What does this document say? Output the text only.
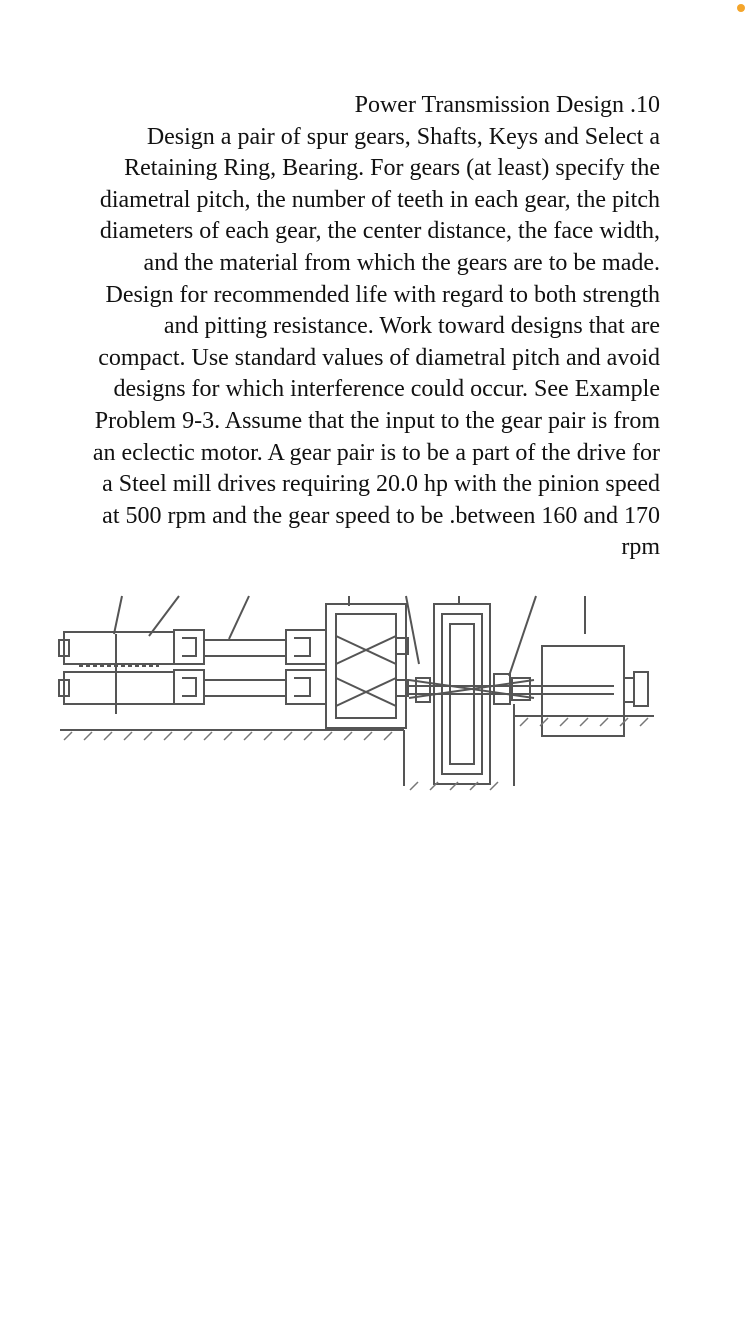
Power Transmission Design .10
Design a pair of spur gears, Shafts, Keys and Select a Retaining Ring, Bearing. For gears (at least) specify the diametral pitch, the number of teeth in each gear, the pitch diameters of each gear, the center distance, the face width, and the material from which the gears are to be made. Design for recommended life with regard to both strength and pitting resistance. Work toward designs that are compact. Use standard values of diametral pitch and avoid designs for which interference could occur. See Example Problem 9-3. Assume that the input to the gear pair is from an eclectic motor. A gear pair is to be a part of the drive for a Steel mill drives requiring 20.0 hp with the pinion speed at 500 rpm and the gear speed to be .between 160 and 170 rpm
